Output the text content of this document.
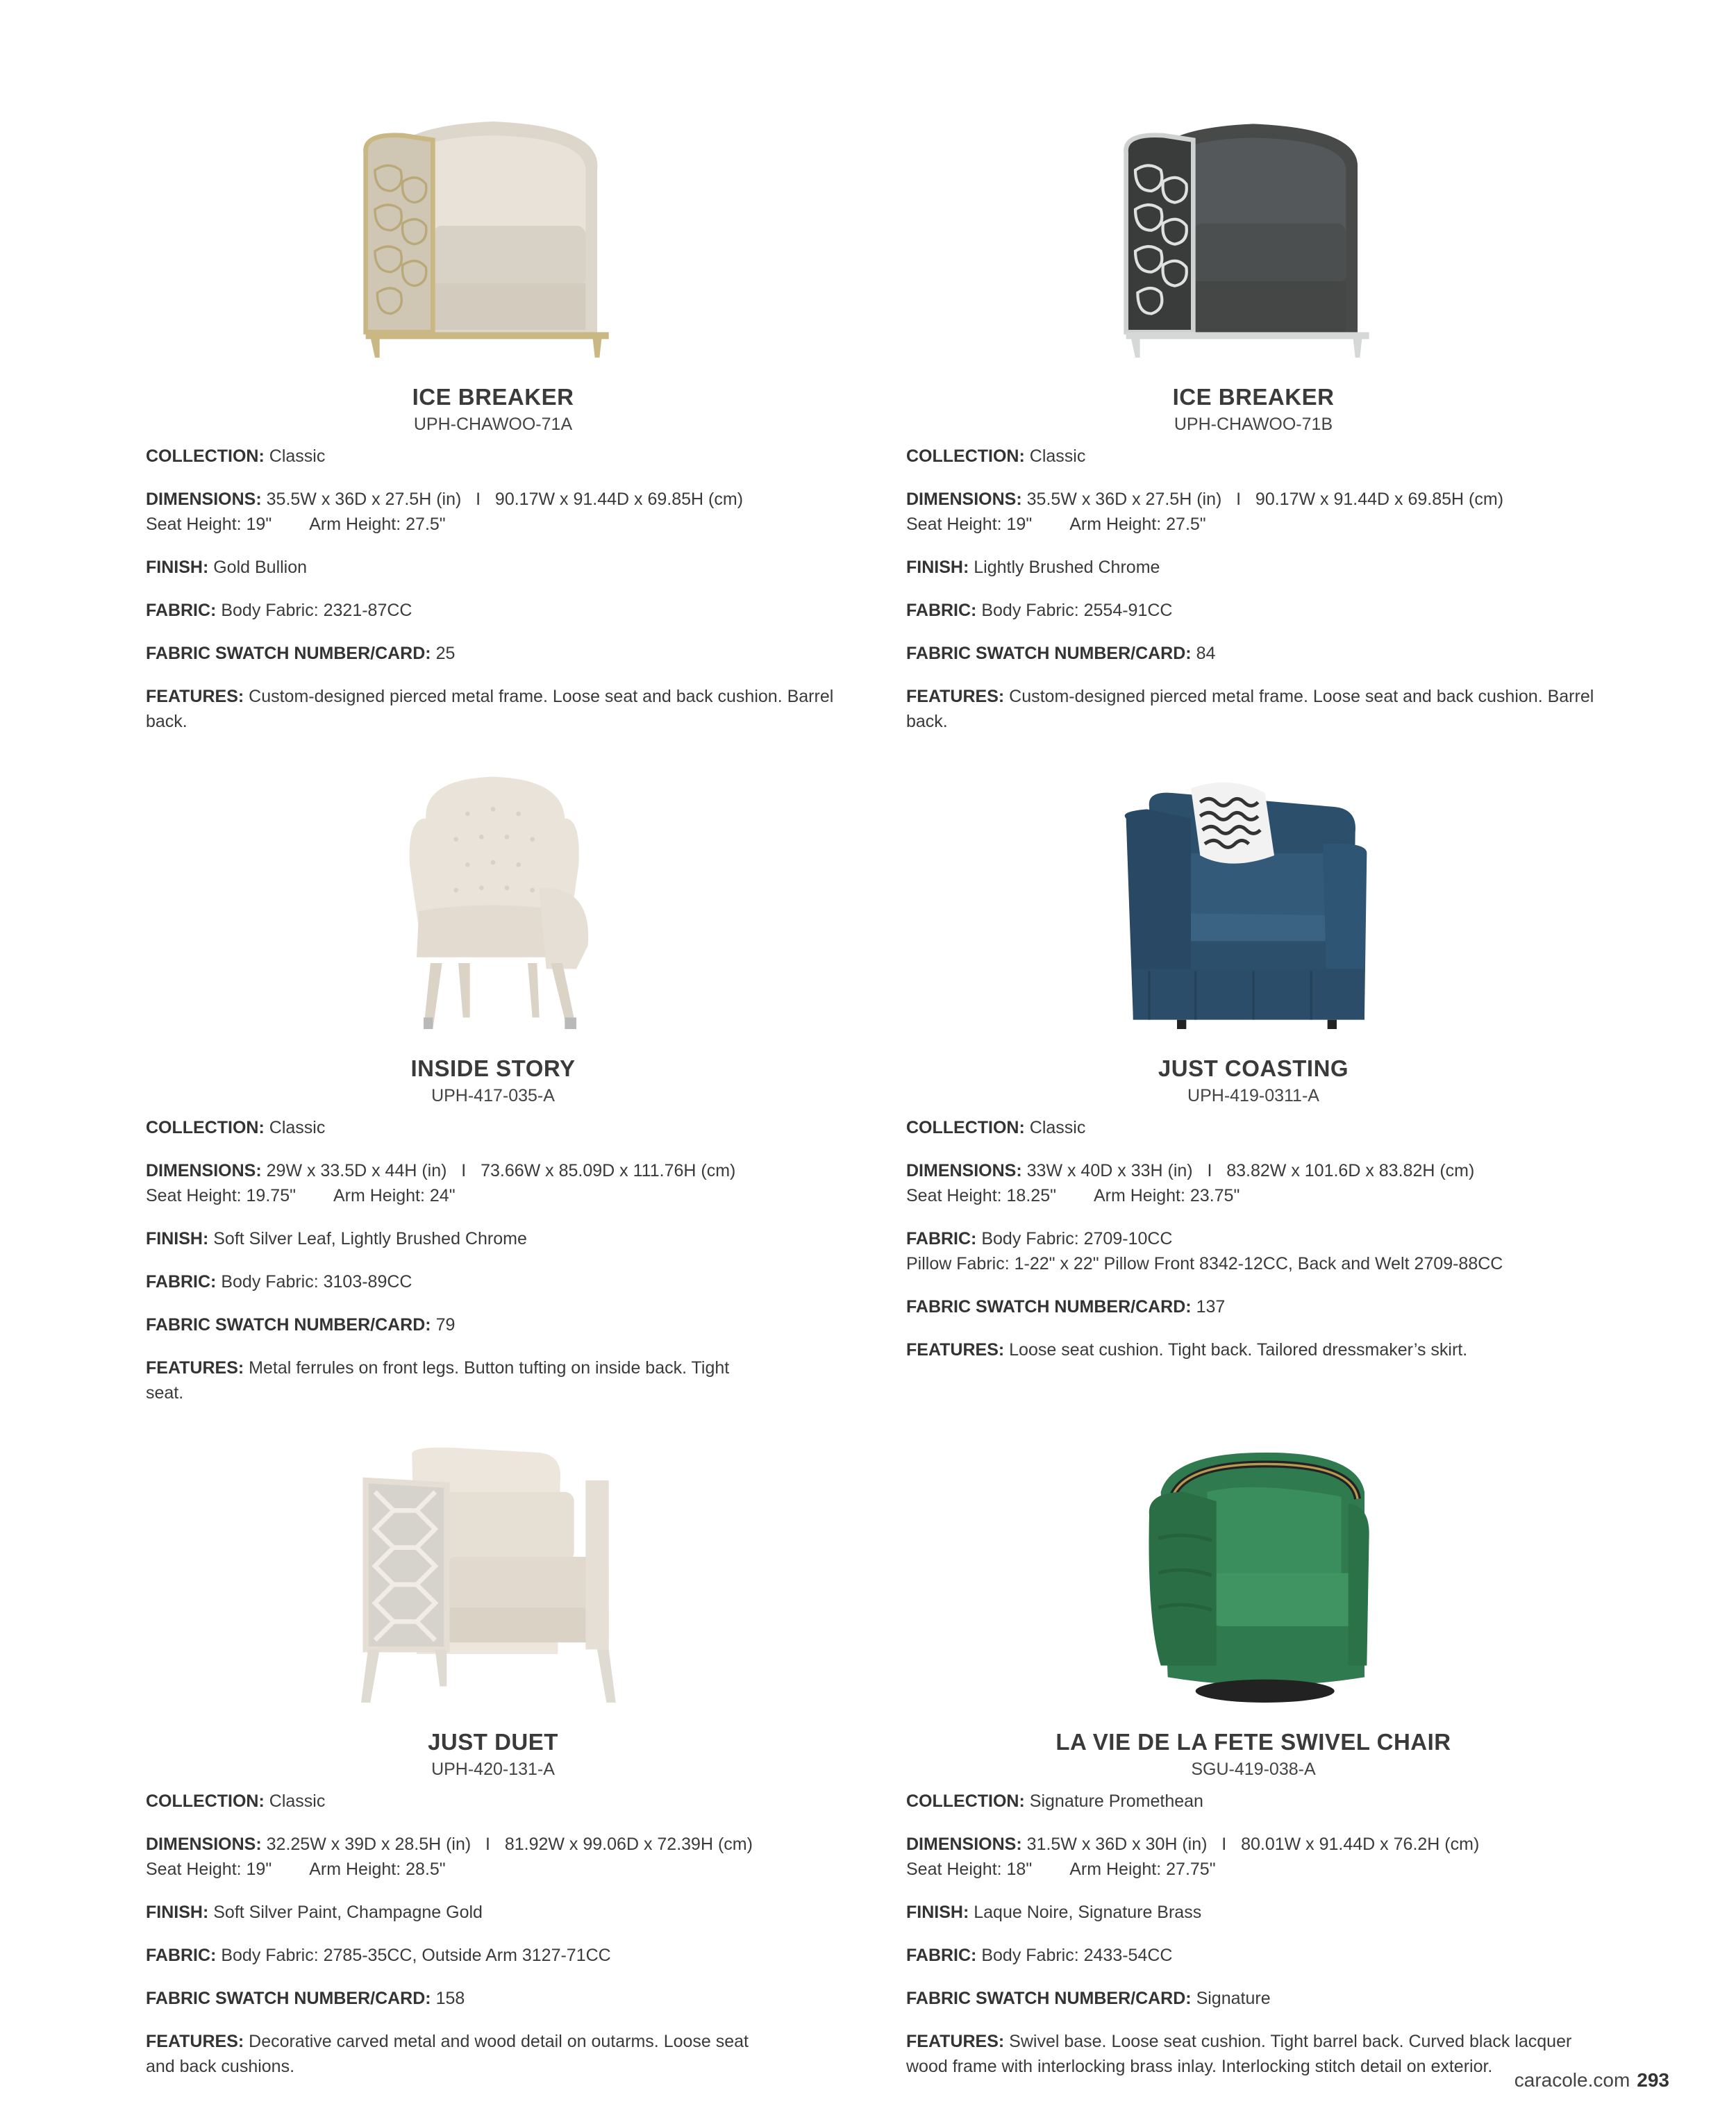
ICE BREAKER

UPH-CHAWOO-71A

COLLECTION: Classic

DIMENSIONS: 35.5W x 36D x 27.5H (in)   I   90.17W x 91.44D x 69.85H (cm)
Seat Height: 19" Arm Height: 27.5"

FINISH: Gold Bullion

FABRIC: Body Fabric: 2321-87CC

FABRIC SWATCH NUMBER/CARD: 25

FEATURES: Custom-designed pierced metal frame. Loose seat and back cushion. Barrel back.

ICE BREAKER

UPH-CHAWOO-71B

COLLECTION: Classic

DIMENSIONS: 35.5W x 36D x 27.5H (in)   I   90.17W x 91.44D x 69.85H (cm)
Seat Height: 19" Arm Height: 27.5"

FINISH: Lightly Brushed Chrome

FABRIC: Body Fabric: 2554-91CC

FABRIC SWATCH NUMBER/CARD: 84

FEATURES: Custom-designed pierced metal frame. Loose seat and back cushion. Barrel back.

INSIDE STORY

UPH-417-035-A

COLLECTION: Classic

DIMENSIONS: 29W x 33.5D x 44H (in)   I   73.66W x 85.09D x 111.76H (cm)
Seat Height: 19.75" Arm Height: 24"

FINISH: Soft Silver Leaf, Lightly Brushed Chrome

FABRIC: Body Fabric: 3103-89CC

FABRIC SWATCH NUMBER/CARD: 79

FEATURES: Metal ferrules on front legs. Button tufting on inside back. Tight seat.

JUST COASTING

UPH-419-0311-A

COLLECTION: Classic

DIMENSIONS: 33W x 40D x 33H (in)   I   83.82W x 101.6D x 83.82H (cm)
Seat Height: 18.25" Arm Height: 23.75"

FABRIC: Body Fabric: 2709-10CC
Pillow Fabric: 1-22" x 22" Pillow Front 8342-12CC, Back and Welt 2709-88CC

FABRIC SWATCH NUMBER/CARD: 137

FEATURES: Loose seat cushion. Tight back. Tailored dressmaker’s skirt.

JUST DUET

UPH-420-131-A

COLLECTION: Classic

DIMENSIONS: 32.25W x 39D x 28.5H (in)   I   81.92W x 99.06D x 72.39H (cm)
Seat Height: 19" Arm Height: 28.5"

FINISH: Soft Silver Paint, Champagne Gold

FABRIC: Body Fabric: 2785-35CC, Outside Arm 3127-71CC

FABRIC SWATCH NUMBER/CARD: 158

FEATURES: Decorative carved metal and wood detail on outarms. Loose seat and back cushions.

LA VIE DE LA FETE SWIVEL CHAIR

SGU-419-038-A

COLLECTION: Signature Promethean

DIMENSIONS: 31.5W x 36D x 30H (in)   I   80.01W x 91.44D x 76.2H (cm)
Seat Height: 18" Arm Height: 27.75"

FINISH: Laque Noire, Signature Brass

FABRIC: Body Fabric: 2433-54CC

FABRIC SWATCH NUMBER/CARD: Signature

FEATURES: Swivel base. Loose seat cushion. Tight barrel back. Curved black lacquer wood frame with interlocking brass inlay. Interlocking stitch detail on exterior.

caracole.com 293
